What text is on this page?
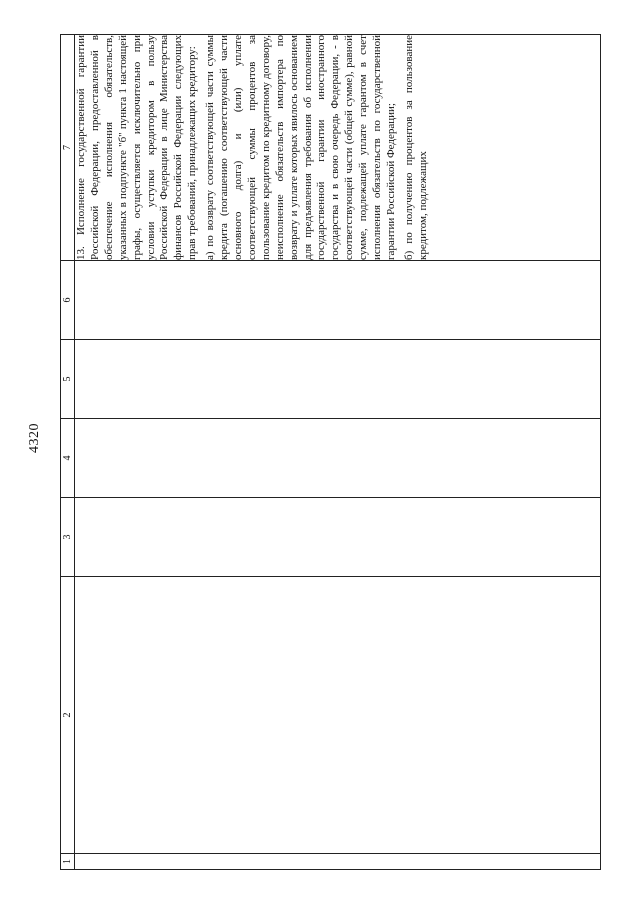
4320
1	2	3	4	5	6	7

						13. Исполнение государственной гарантии Российской Федерации, предоставленной в обеспечение исполнения обязательств, указанных в подпункте "б" пункта 1 настоящей графы, осуществляется исключительно при условии уступки кредитором в пользу Российской Федерации в лице Министерства финансов Российской Федерации следующих прав требований, принадлежащих кредитору: а) по возврату соответствующей части суммы кредита (погашению соответствующей части основного долга) и (или) уплате соответствующей суммы процентов за пользование кредитом по кредитному договору, неисполнение обязательств импортера по возврату и уплате которых явилось основанием для предъявления требования об исполнении государственной гарантии иностранного государства и в свою очередь Федерации, - в соответствующей части (общей сумме), равной сумме, подлежащей уплате гарантом в счет исполнения обязательств по государственной гарантии Российской Федерации; б) по получению процентов за пользование кредитом, подлежащих
